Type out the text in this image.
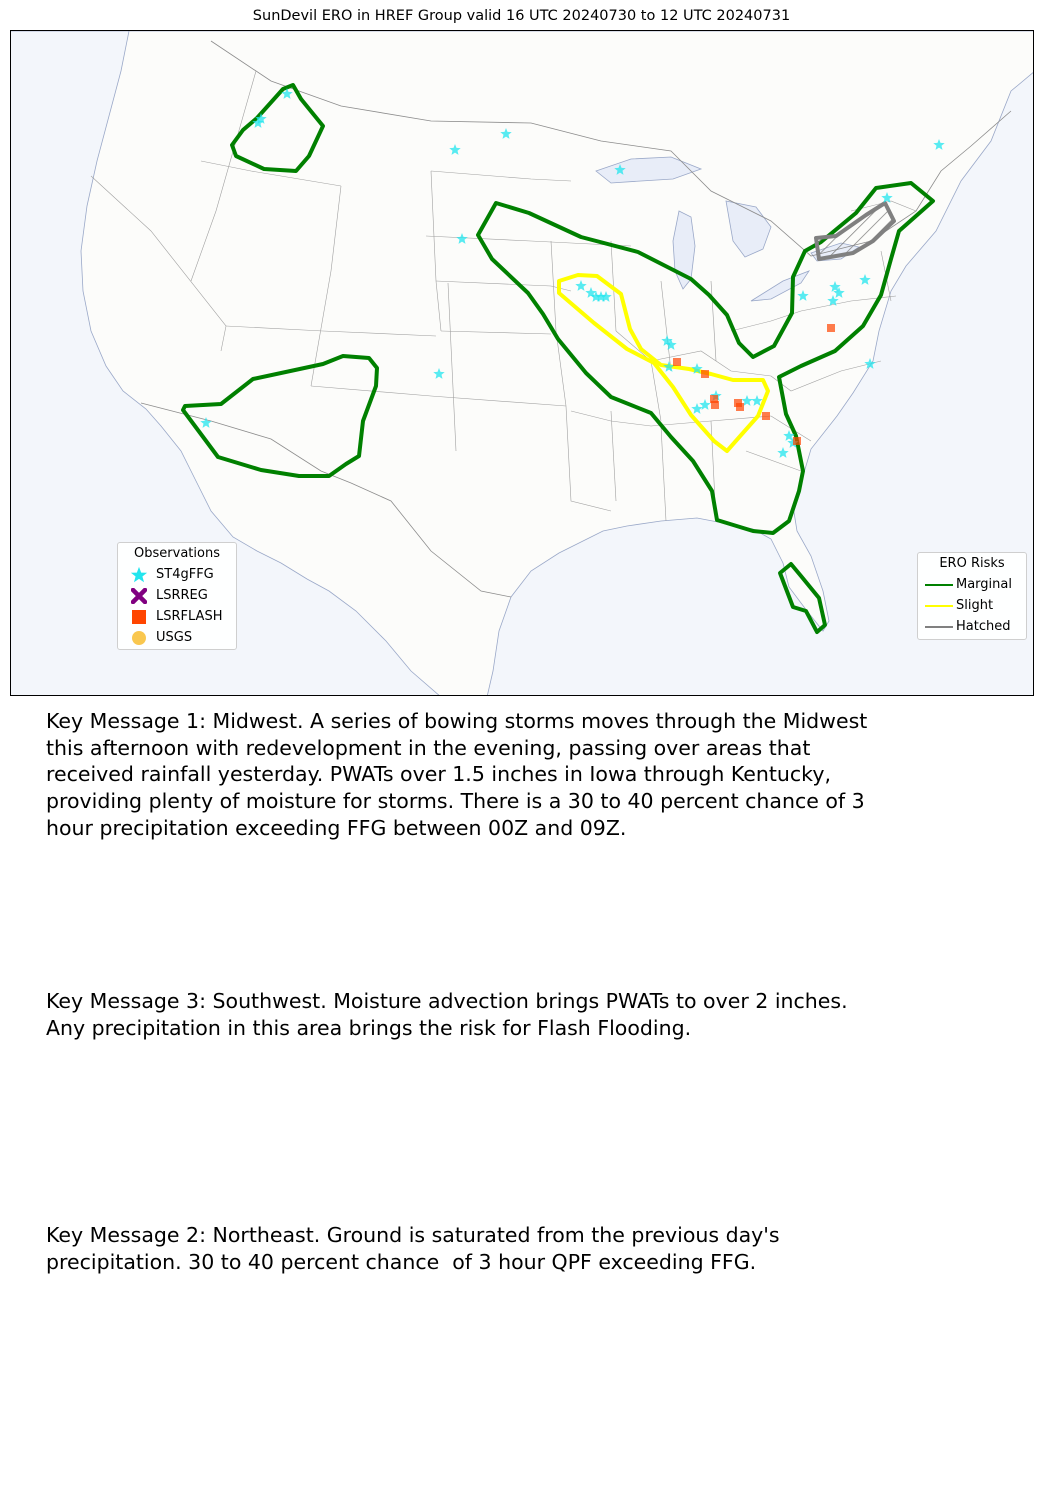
SunDevil ERO in HREF Group valid 16 UTC 20240730 to 12 UTC 20240731
Observations
ST4gFFG
LSRREG
LSRFLASH
USGS
ERO Risks
Marginal
Slight
Hatched
Key Message 1: Midwest. A series of bowing storms moves through the Midwest
this afternoon with redevelopment in the evening, passing over areas that
received rainfall yesterday. PWATs over 1.5 inches in Iowa through Kentucky,
providing plenty of moisture for storms. There is a 30 to 40 percent chance of 3
hour precipitation exceeding FFG between 00Z and 09Z.
Key Message 3: Southwest. Moisture advection brings PWATs to over 2 inches.
Any precipitation in this area brings the risk for Flash Flooding.
Key Message 2: Northeast. Ground is saturated from the previous day's
precipitation. 30 to 40 percent chance  of 3 hour QPF exceeding FFG.
